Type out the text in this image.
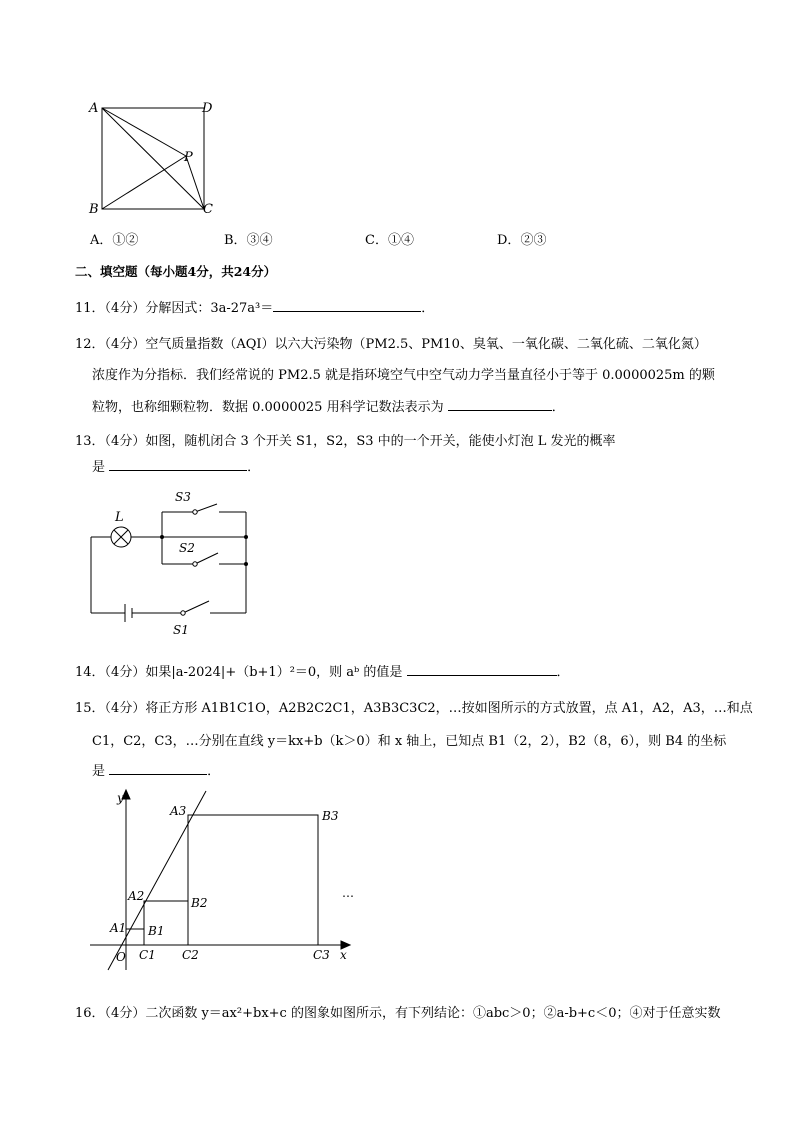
A	D
P
B	C
A．①②	B．③④	C．①④	D．②③
二、填空题（每小题4分，共24分）
11．（4分）分解因式：3a-27a³＝	．
12．（4分）空气质量指数（AQI）以六大污染物（PM2.5、PM10、臭氧、一氧化碳、二氧化硫、二氧化氮）
浓度作为分指标．我们经常说的 PM2.5 就是指环境空气中空气动力学当量直径小于等于 0.0000025m 的颗
粒物，也称细颗粒物．数据 0.0000025 用科学记数法表示为	．
13．（4分）如图，随机闭合 3 个开关 S1，S2，S3 中的一个开关，能使小灯泡 L 发光的概率
是	．
L
S3
S2
S1
14．（4分）如果|a-2024|+（b+1）²＝0，则 aᵇ 的值是	．
15．（4分）将正方形 A1B1C1O，A2B2C2C1，A3B3C3C2，…按如图所示的方式放置，点 A1，A2，A3，…和点
C1，C2，C3，…分别在直线 y＝kx+b（k＞0）和 x 轴上，已知点 B1（2，2），B2（8，6），则 B4 的坐标
是	．
y
x
O
A1
A2
A3
B1
B2
B3
C1 C2	C3
…
16．（4分）二次函数 y＝ax²+bx+c 的图象如图所示，有下列结论：①abc＞0；②a-b+c＜0；④对于任意实数
